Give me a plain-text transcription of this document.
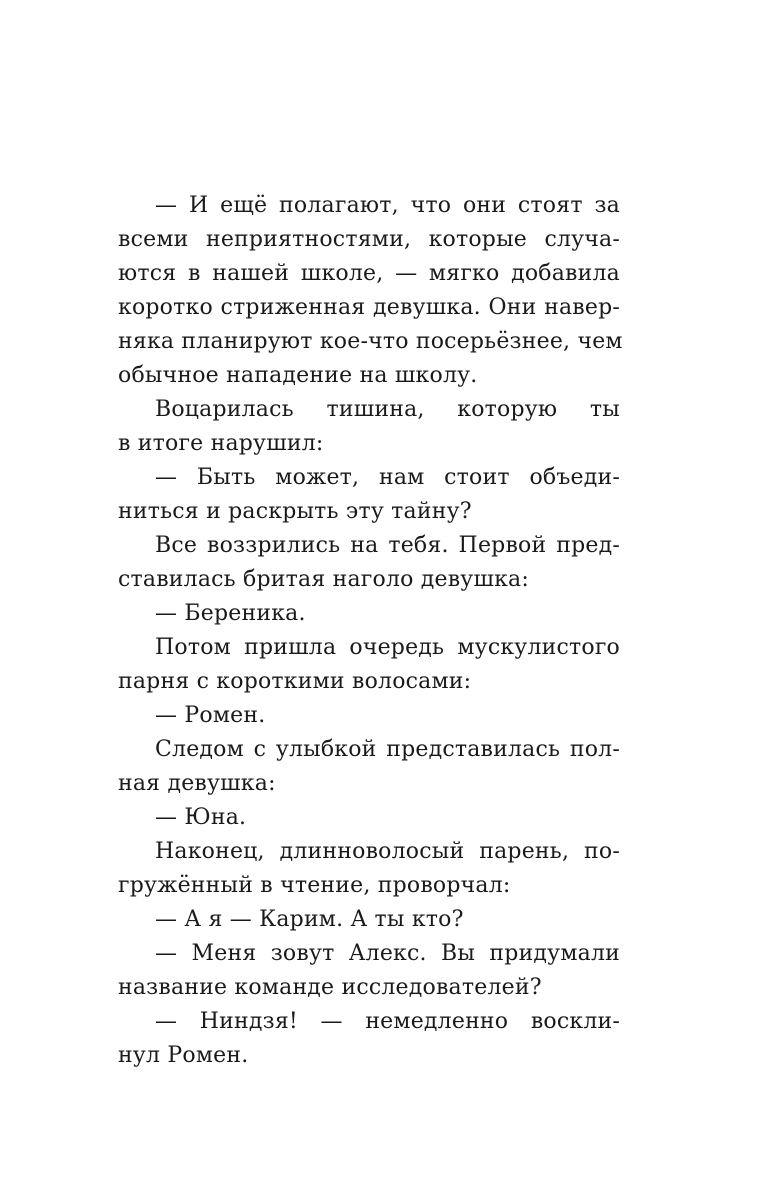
— И ещё полагают, что они стоят за
всеми неприятностями, которые случа-
ются в нашей школе, — мягко добавила
коротко стриженная девушка. Они навер-
няка планируют кое-что посерьёзнее, чем
обычное нападение на школу.
Воцарилась тишина, которую ты
в итоге нарушил:
— Быть может, нам стоит объеди-
ниться и раскрыть эту тайну?
Все воззрились на тебя. Первой пред-
ставилась бритая наголо девушка:
— Береника.
Потом пришла очередь мускулистого
парня с короткими волосами:
— Ромен.
Следом с улыбкой представилась пол-
ная девушка:
— Юна.
Наконец, длинноволосый парень, по-
гружённый в чтение, проворчал:
— А я — Карим. А ты кто?
— Меня зовут Алекс. Вы придумали
название команде исследователей?
— Ниндзя! — немедленно воскли-
нул Ромен.
